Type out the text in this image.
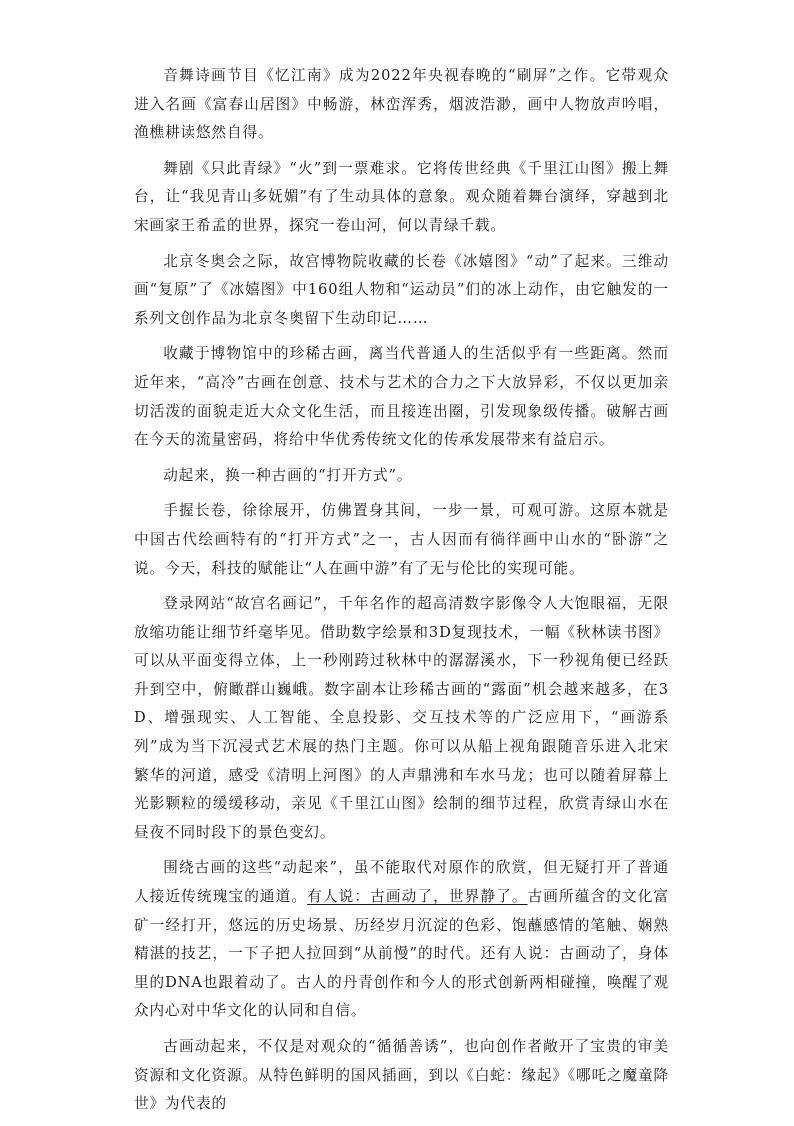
音舞诗画节目《忆江南》成为2022年央视春晚的“刷屏”之作。它带观众进入名画《富春山居图》中畅游，林峦浑秀，烟波浩渺，画中人物放声吟唱，渔樵耕读悠然自得。

舞剧《只此青绿》“火”到一票难求。它将传世经典《千里江山图》搬上舞台，让“我见青山多妩媚”有了生动具体的意象。观众随着舞台演绎，穿越到北宋画家王希孟的世界，探究一卷山河，何以青绿千载。

北京冬奥会之际，故宫博物院收藏的长卷《冰嬉图》“动”了起来。三维动画“复原”了《冰嬉图》中160组人物和“运动员”们的冰上动作，由它触发的一系列文创作品为北京冬奥留下生动印记……

收藏于博物馆中的珍稀古画，离当代普通人的生活似乎有一些距离。然而近年来，“高冷”古画在创意、技术与艺术的合力之下大放异彩，不仅以更加亲切活泼的面貌走近大众文化生活，而且接连出圈，引发现象级传播。破解古画在今天的流量密码，将给中华优秀传统文化的传承发展带来有益启示。

动起来，换一种古画的“打开方式”。

手握长卷，徐徐展开，仿佛置身其间，一步一景，可观可游。这原本就是中国古代绘画特有的“打开方式”之一，古人因而有徜徉画中山水的“卧游”之说。今天，科技的赋能让“人在画中游”有了无与伦比的实现可能。

登录网站“故宫名画记”，千年名作的超高清数字影像令人大饱眼福，无限放缩功能让细节纤毫毕见。借助数字绘景和3D复现技术，一幅《秋林读书图》可以从平面变得立体，上一秒刚跨过秋林中的潺潺溪水，下一秒视角便已经跃升到空中，俯瞰群山巍峨。数字副本让珍稀古画的“露面”机会越来越多，在3D、增强现实、人工智能、全息投影、交互技术等的广泛应用下，“画游系列”成为当下沉浸式艺术展的热门主题。你可以从船上视角跟随音乐进入北宋繁华的河道，感受《清明上河图》的人声鼎沸和车水马龙；也可以随着屏幕上光影颗粒的缓缓移动，亲见《千里江山图》绘制的细节过程，欣赏青绿山水在昼夜不同时段下的景色变幻。

围绕古画的这些“动起来”，虽不能取代对原作的欣赏，但无疑打开了普通人接近传统瑰宝的通道。有人说：古画动了，世界静了。古画所蕴含的文化富矿一经打开，悠远的历史场景、历经岁月沉淀的色彩、饱蘸感情的笔触、娴熟精湛的技艺，一下子把人拉回到“从前慢”的时代。还有人说：古画动了，身体里的DNA也跟着动了。古人的丹青创作和今人的形式创新两相碰撞，唤醒了观众内心对中华文化的认同和自信。

古画动起来，不仅是对观众的“循循善诱”，也向创作者敞开了宝贵的审美资源和文化资源。从特色鲜明的国风插画，到以《白蛇：缘起》《哪吒之魔童降世》为代表的
